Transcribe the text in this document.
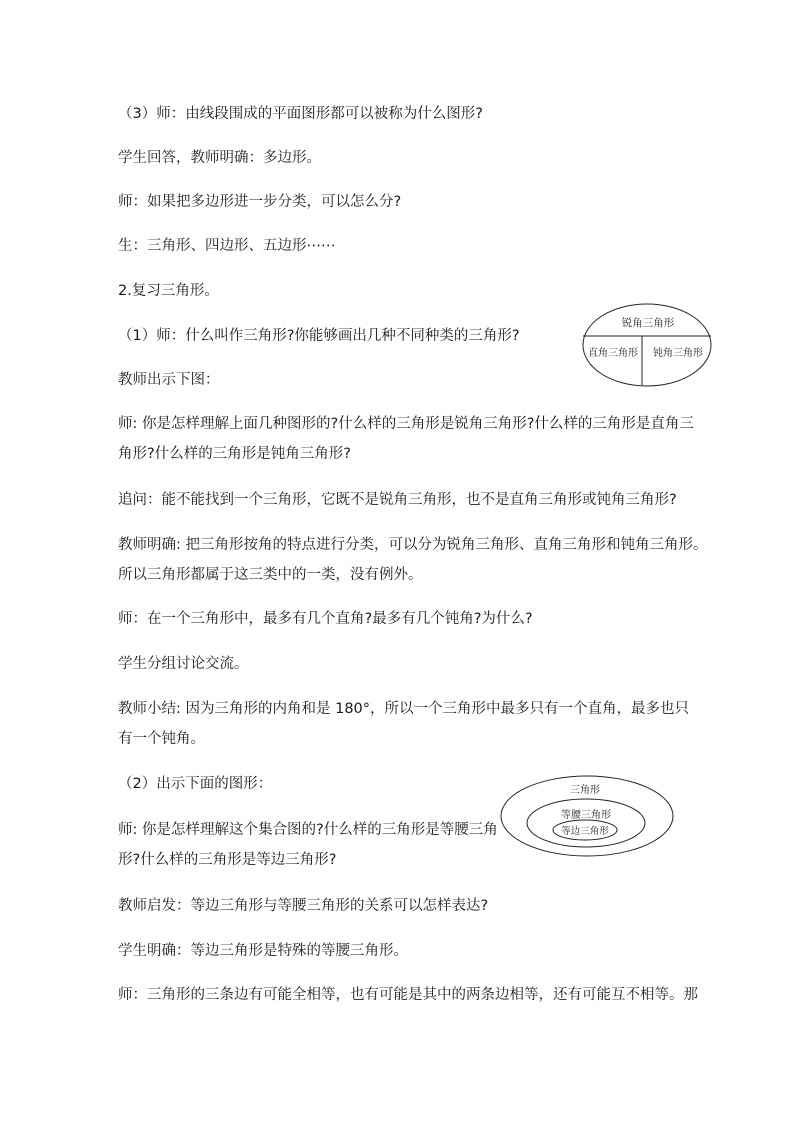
（3）师：由线段围成的平面图形都可以被称为什么图形?
学生回答，教师明确：多边形。
师：如果把多边形进一步分类，可以怎么分?
生：三角形、四边形、五边形⋯⋯
2.复习三角形。
（1）师：什么叫作三角形?你能够画出几种不同种类的三角形?
教师出示下图：
师: 你是怎样理解上面几种图形的?什么样的三角形是锐角三角形?什么样的三角形是直角三
角形?什么样的三角形是钝角三角形?
追问：能不能找到一个三角形，它既不是锐角三角形，也不是直角三角形或钝角三角形?
教师明确: 把三角形按角的特点进行分类，可以分为锐角三角形、直角三角形和钝角三角形。
所以三角形都属于这三类中的一类，没有例外。
师：在一个三角形中，最多有几个直角?最多有几个钝角?为什么?
学生分组讨论交流。
教师小结: 因为三角形的内角和是 180°，所以一个三角形中最多只有一个直角，最多也只
有一个钝角。
（2）出示下面的图形：
师: 你是怎样理解这个集合图的?什么样的三角形是等腰三角
形?什么样的三角形是等边三角形?
教师启发：等边三角形与等腰三角形的关系可以怎样表达?
学生明确：等边三角形是特殊的等腰三角形。
师：三角形的三条边有可能全相等，也有可能是其中的两条边相等，还有可能互不相等。那
锐角三角形
直角三角形 钝角三角形
三角形
等腰三角形
等边三角形
